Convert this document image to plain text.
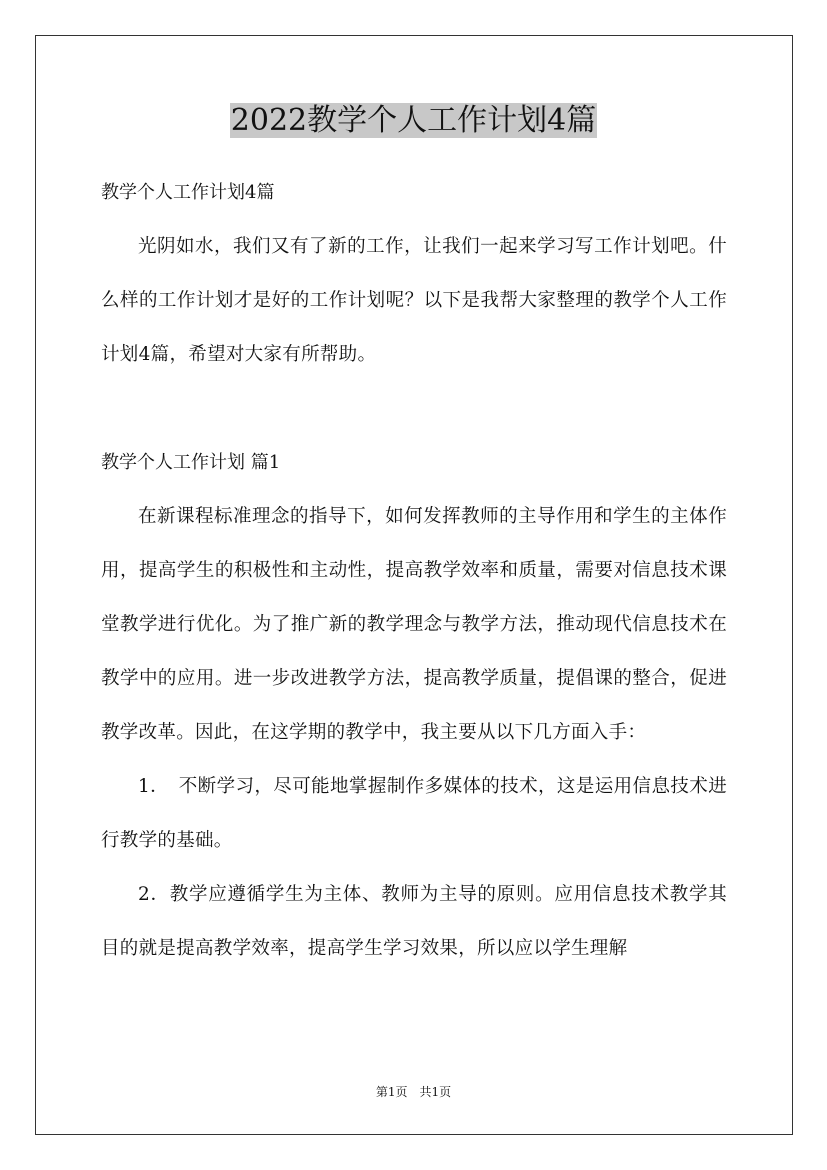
2022教学个人工作计划4篇

教学个人工作计划4篇

光阴如水，我们又有了新的工作，让我们一起来学习写工作计划吧。什么样的工作计划才是好的工作计划呢？以下是我帮大家整理的教学个人工作计划4篇，希望对大家有所帮助。

教学个人工作计划 篇1

在新课程标准理念的指导下，如何发挥教师的主导作用和学生的主体作用，提高学生的积极性和主动性，提高教学效率和质量，需要对信息技术课堂教学进行优化。为了推广新的教学理念与教学方法，推动现代信息技术在教学中的应用。进一步改进教学方法，提高教学质量，提倡课的整合，促进教学改革。因此，在这学期的教学中，我主要从以下几方面入手：

1．　不断学习，尽可能地掌握制作多媒体的技术，这是运用信息技术进行教学的基础。

2．教学应遵循学生为主体、教师为主导的原则。应用信息技术教学其目的就是提高教学效率，提高学生学习效果，所以应以学生理解

第1页　共1页
